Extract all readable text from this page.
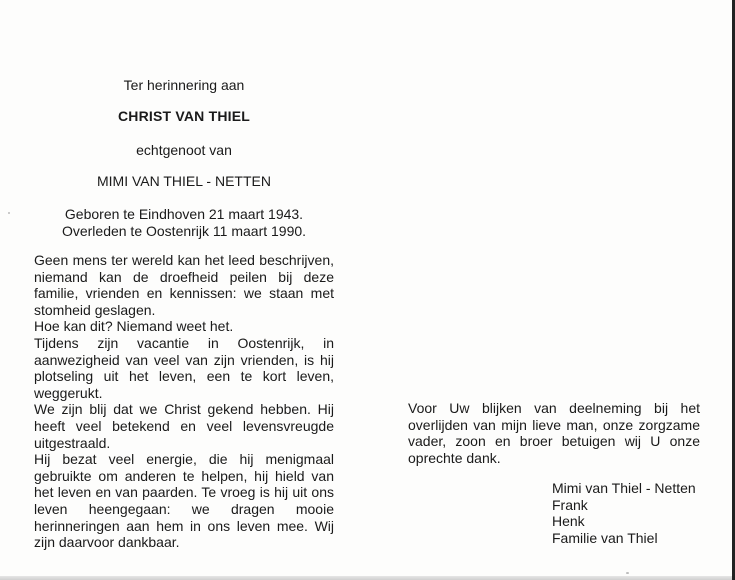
Ter herinnering aan
CHRIST VAN THIEL
echtgenoot van
MIMI VAN THIEL - NETTEN
Geboren te Eindhoven 21 maart 1943.
Overleden te Oostenrijk 11 maart 1990.

Geen mens ter wereld kan het leed beschrijven, niemand kan de droefheid peilen bij deze familie, vrienden en kennissen: we staan met stomheid geslagen.

Hoe kan dit? Niemand weet het.

Tijdens zijn vacantie in Oostenrijk, in aanwezigheid van veel van zijn vrienden, is hij plotseling uit het leven, een te kort leven, weggerukt.

We zijn blij dat we Christ gekend hebben. Hij heeft veel betekend en veel levensvreugde uitgestraald.

Hij bezat veel energie, die hij menigmaal gebruikte om anderen te helpen, hij hield van het leven en van paarden. Te vroeg is hij uit ons leven heengegaan: we dragen mooie herinneringen aan hem in ons leven mee. Wij zijn daarvoor dankbaar.

Voor Uw blijken van deelneming bij het overlijden van mijn lieve man, onze zorgzame vader, zoon en broer betuigen wij U onze oprechte dank.

Mimi van Thiel - Netten
Frank
Henk
Familie van Thiel
